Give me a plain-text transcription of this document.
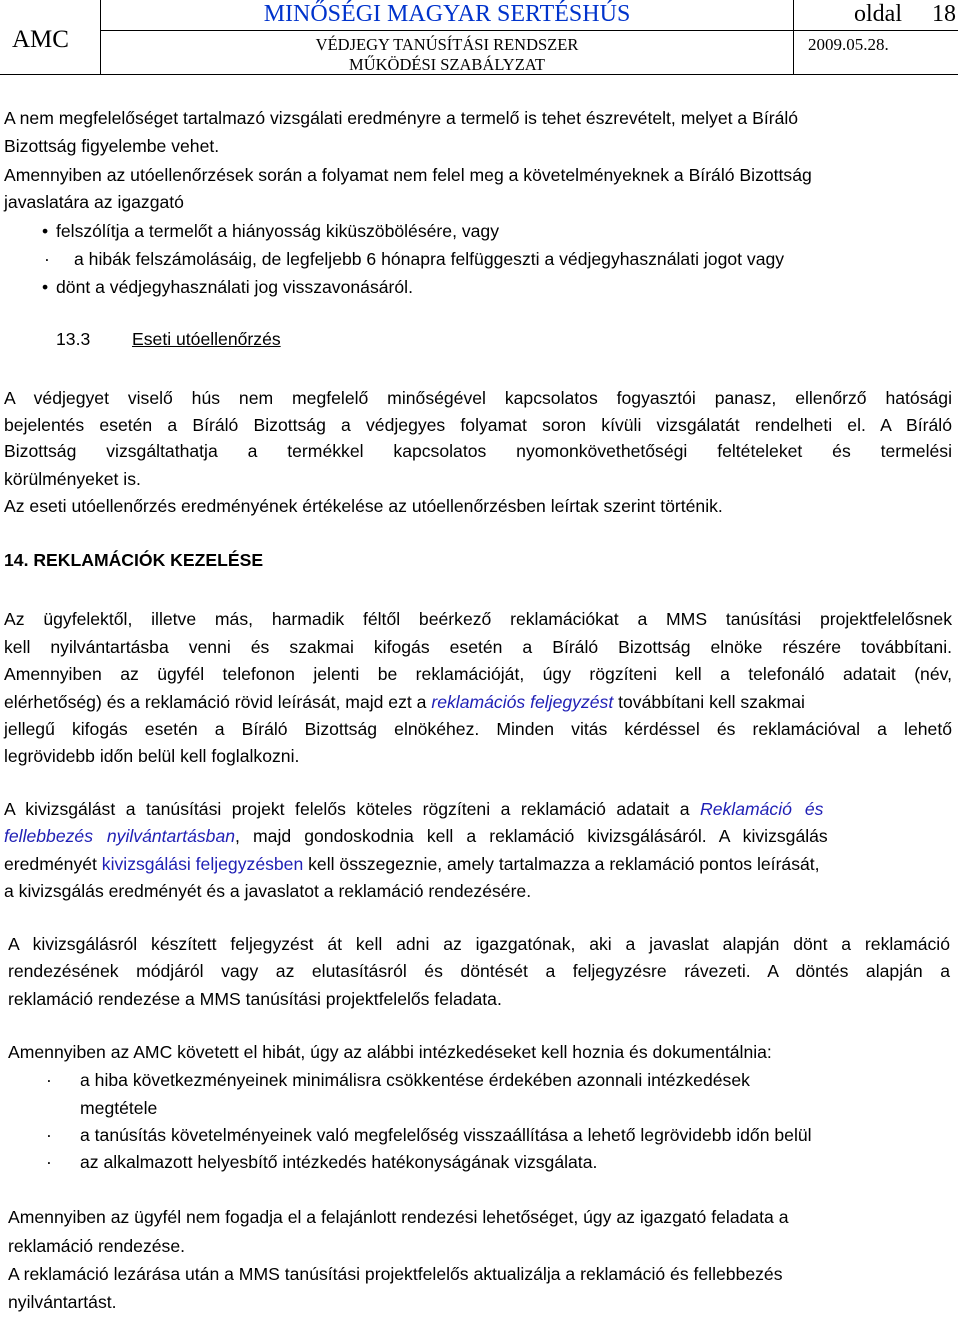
AMC
MINŐSÉGI MAGYAR SERTÉSHÚS
VÉDJEGY TANÚSÍTÁSI RENDSZER
MŰKÖDÉSI SZABÁLYZAT
oldal 18
2009.05.28.
A nem megfelelőséget tartalmazó vizsgálati eredményre a termelő is tehet észrevételt, melyet a Bíráló
Bizottság figyelembe vehet.
Amennyiben az utóellenőrzések során a folyamat nem felel meg a követelményeknek a Bíráló Bizottság
javaslatára az igazgató
• felszólítja a termelőt a hiányosság kiküszöbölésére, vagy
· a hibák felszámolásáig, de legfeljebb 6 hónapra felfüggeszti a védjegyhasználati jogot vagy
• dönt a védjegyhasználati jog visszavonásáról.
13.3 Eseti utóellenőrzés
A védjegyet viselő hús nem megfelelő minőségével kapcsolatos fogyasztói panasz, ellenőrző hatósági
bejelentés esetén a Bíráló Bizottság a védjegyes folyamat soron kívüli vizsgálatát rendelheti el. A Bíráló
Bizottság vizsgáltathatja a termékkel kapcsolatos nyomonkövethetőségi feltételeket és termelési
körülményeket is.
Az eseti utóellenőrzés eredményének értékelése az utóellenőrzésben leírtak szerint történik.
14. REKLAMÁCIÓK KEZELÉSE
Az ügyfelektől, illetve más, harmadik féltől beérkező reklamációkat a MMS tanúsítási projektfelelősnek
kell nyilvántartásba venni és szakmai kifogás esetén a Bíráló Bizottság elnöke részére továbbítani.
Amennyiben az ügyfél telefonon jelenti be reklamációját, úgy rögzíteni kell a telefonáló adatait (név,
elérhetőség) és a reklamáció rövid leírását, majd ezt a reklamációs feljegyzést továbbítani kell szakmai
jellegű kifogás esetén a Bíráló Bizottság elnökéhez. Minden vitás kérdéssel és reklamációval a lehető
legrövidebb időn belül kell foglalkozni.
A kivizsgálást a tanúsítási projekt felelős köteles rögzíteni a reklamáció adatait a Reklamáció és
fellebbezés nyilvántartásban, majd gondoskodnia kell a reklamáció kivizsgálásáról. A kivizsgálás
eredményét kivizsgálási feljegyzésben kell összegeznie, amely tartalmazza a reklamáció pontos leírását,
a kivizsgálás eredményét és a javaslatot a reklamáció rendezésére.
A kivizsgálásról készített feljegyzést át kell adni az igazgatónak, aki a javaslat alapján dönt a reklamáció
rendezésének módjáról vagy az elutasításról és döntését a feljegyzésre rávezeti. A döntés alapján a
reklamáció rendezése a MMS tanúsítási projektfelelős feladata.
Amennyiben az AMC követett el hibát, úgy az alábbi intézkedéseket kell hoznia és dokumentálnia:
· a hiba következményeinek minimálisra csökkentése érdekében azonnali intézkedések
megtétele
· a tanúsítás követelményeinek való megfelelőség visszaállítása a lehető legrövidebb időn belül
· az alkalmazott helyesbítő intézkedés hatékonyságának vizsgálata.
Amennyiben az ügyfél nem fogadja el a felajánlott rendezési lehetőséget, úgy az igazgató feladata a
reklamáció rendezése.
A reklamáció lezárása után a MMS tanúsítási projektfelelős aktualizálja a reklamáció és fellebbezés
nyilvántartást.
